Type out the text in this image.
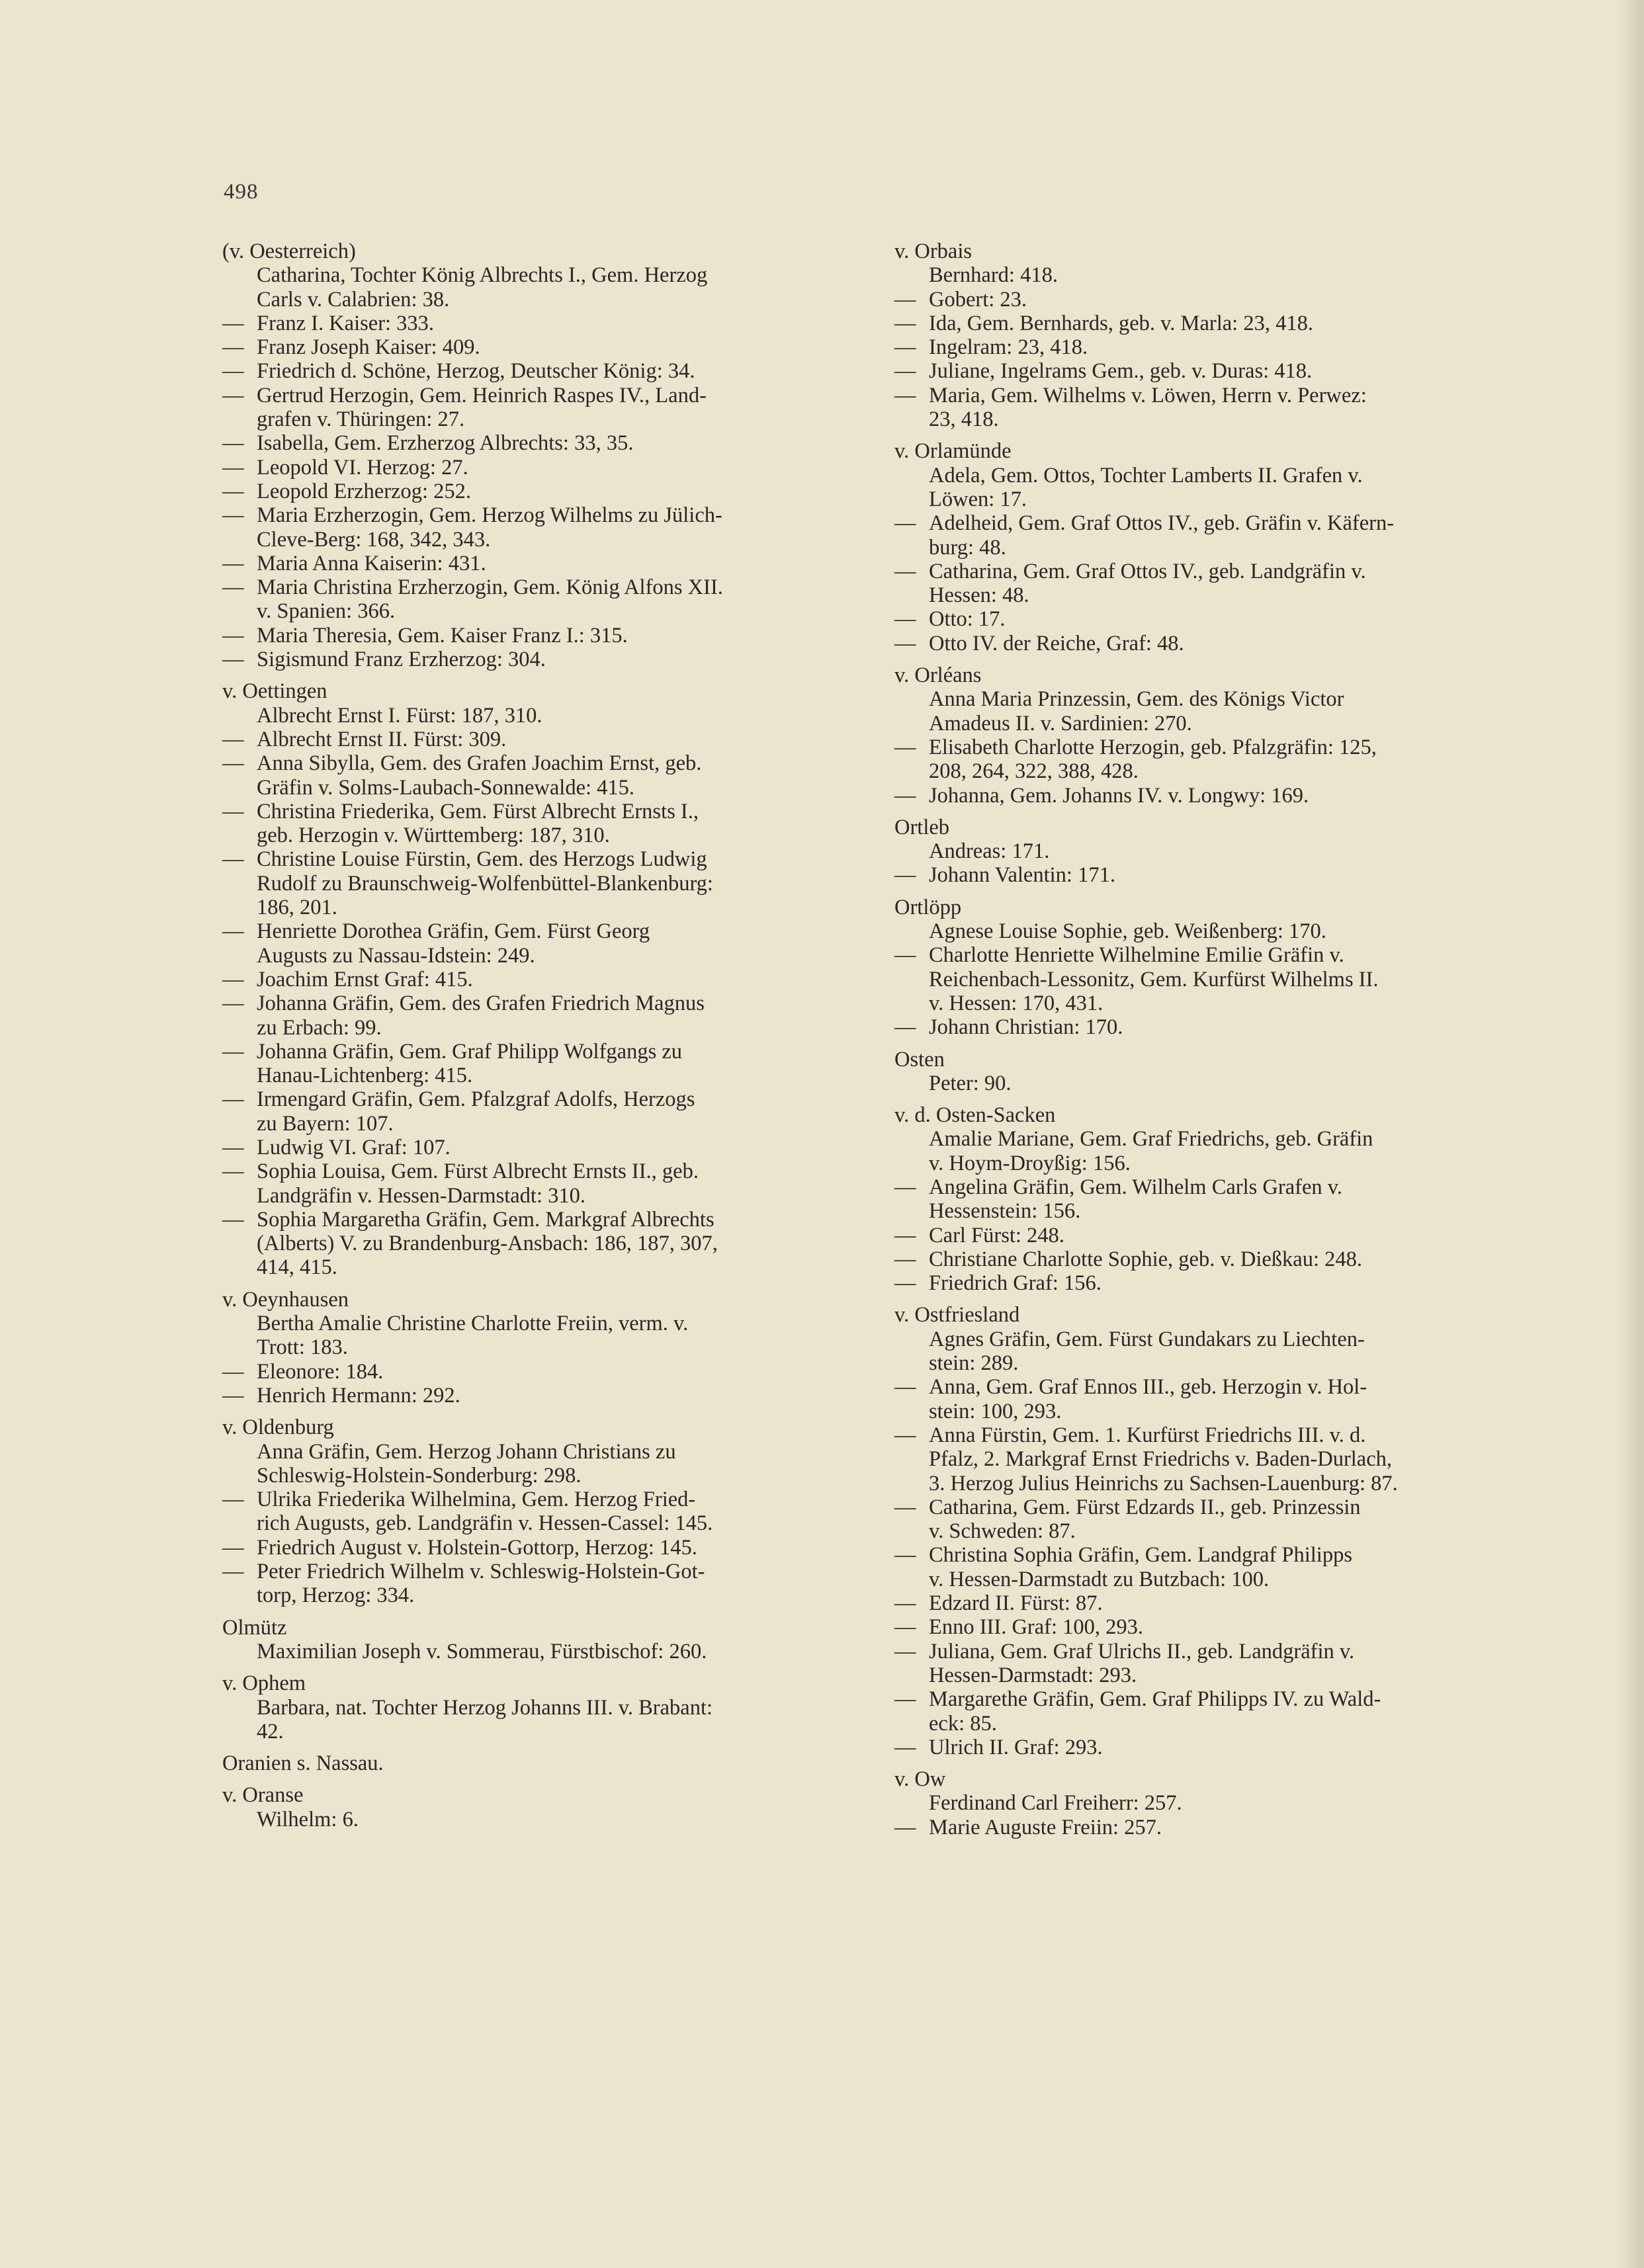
498
(v. Oesterreich)
Catharina, Tochter König Albrechts I., Gem. Herzog
Carls v. Calabrien: 38.
— Franz I. Kaiser: 333.
— Franz Joseph Kaiser: 409.
— Friedrich d. Schöne, Herzog, Deutscher König: 34.
— Gertrud Herzogin, Gem. Heinrich Raspes IV., Land-
grafen v. Thüringen: 27.
— Isabella, Gem. Erzherzog Albrechts: 33, 35.
— Leopold VI. Herzog: 27.
— Leopold Erzherzog: 252.
— Maria Erzherzogin, Gem. Herzog Wilhelms zu Jülich-
Cleve-Berg: 168, 342, 343.
— Maria Anna Kaiserin: 431.
— Maria Christina Erzherzogin, Gem. König Alfons XII.
v. Spanien: 366.
— Maria Theresia, Gem. Kaiser Franz I.: 315.
— Sigismund Franz Erzherzog: 304.
v. Oettingen
Albrecht Ernst I. Fürst: 187, 310.
— Albrecht Ernst II. Fürst: 309.
— Anna Sibylla, Gem. des Grafen Joachim Ernst, geb.
Gräfin v. Solms-Laubach-Sonnewalde: 415.
— Christina Friederika, Gem. Fürst Albrecht Ernsts I.,
geb. Herzogin v. Württemberg: 187, 310.
— Christine Louise Fürstin, Gem. des Herzogs Ludwig
Rudolf zu Braunschweig-Wolfenbüttel-Blankenburg:
186, 201.
— Henriette Dorothea Gräfin, Gem. Fürst Georg
Augusts zu Nassau-Idstein: 249.
— Joachim Ernst Graf: 415.
— Johanna Gräfin, Gem. des Grafen Friedrich Magnus
zu Erbach: 99.
— Johanna Gräfin, Gem. Graf Philipp Wolfgangs zu
Hanau-Lichtenberg: 415.
— Irmengard Gräfin, Gem. Pfalzgraf Adolfs, Herzogs
zu Bayern: 107.
— Ludwig VI. Graf: 107.
— Sophia Louisa, Gem. Fürst Albrecht Ernsts II., geb.
Landgräfin v. Hessen-Darmstadt: 310.
— Sophia Margaretha Gräfin, Gem. Markgraf Albrechts
(Alberts) V. zu Brandenburg-Ansbach: 186, 187, 307,
414, 415.
v. Oeynhausen
Bertha Amalie Christine Charlotte Freiin, verm. v.
Trott: 183.
— Eleonore: 184.
— Henrich Hermann: 292.
v. Oldenburg
Anna Gräfin, Gem. Herzog Johann Christians zu
Schleswig-Holstein-Sonderburg: 298.
— Ulrika Friederika Wilhelmina, Gem. Herzog Fried-
rich Augusts, geb. Landgräfin v. Hessen-Cassel: 145.
— Friedrich August v. Holstein-Gottorp, Herzog: 145.
— Peter Friedrich Wilhelm v. Schleswig-Holstein-Got-
torp, Herzog: 334.
Olmütz
Maximilian Joseph v. Sommerau, Fürstbischof: 260.
v. Ophem
Barbara, nat. Tochter Herzog Johanns III. v. Brabant:
42.
Oranien s. Nassau.
v. Oranse
Wilhelm: 6.
v. Orbais
Bernhard: 418.
— Gobert: 23.
— Ida, Gem. Bernhards, geb. v. Marla: 23, 418.
— Ingelram: 23, 418.
— Juliane, Ingelrams Gem., geb. v. Duras: 418.
— Maria, Gem. Wilhelms v. Löwen, Herrn v. Perwez:
23, 418.
v. Orlamünde
Adela, Gem. Ottos, Tochter Lamberts II. Grafen v.
Löwen: 17.
— Adelheid, Gem. Graf Ottos IV., geb. Gräfin v. Käfern-
burg: 48.
— Catharina, Gem. Graf Ottos IV., geb. Landgräfin v.
Hessen: 48.
— Otto: 17.
— Otto IV. der Reiche, Graf: 48.
v. Orléans
Anna Maria Prinzessin, Gem. des Königs Victor
Amadeus II. v. Sardinien: 270.
— Elisabeth Charlotte Herzogin, geb. Pfalzgräfin: 125,
208, 264, 322, 388, 428.
— Johanna, Gem. Johanns IV. v. Longwy: 169.
Ortleb
Andreas: 171.
— Johann Valentin: 171.
Ortlöpp
Agnese Louise Sophie, geb. Weißenberg: 170.
— Charlotte Henriette Wilhelmine Emilie Gräfin v.
Reichenbach-Lessonitz, Gem. Kurfürst Wilhelms II.
v. Hessen: 170, 431.
— Johann Christian: 170.
Osten
Peter: 90.
v. d. Osten-Sacken
Amalie Mariane, Gem. Graf Friedrichs, geb. Gräfin
v. Hoym-Droyßig: 156.
— Angelina Gräfin, Gem. Wilhelm Carls Grafen v.
Hessenstein: 156.
— Carl Fürst: 248.
— Christiane Charlotte Sophie, geb. v. Dießkau: 248.
— Friedrich Graf: 156.
v. Ostfriesland
Agnes Gräfin, Gem. Fürst Gundakars zu Liechten-
stein: 289.
— Anna, Gem. Graf Ennos III., geb. Herzogin v. Hol-
stein: 100, 293.
— Anna Fürstin, Gem. 1. Kurfürst Friedrichs III. v. d.
Pfalz, 2. Markgraf Ernst Friedrichs v. Baden-Durlach,
3. Herzog Julius Heinrichs zu Sachsen-Lauenburg: 87.
— Catharina, Gem. Fürst Edzards II., geb. Prinzessin
v. Schweden: 87.
— Christina Sophia Gräfin, Gem. Landgraf Philipps
v. Hessen-Darmstadt zu Butzbach: 100.
— Edzard II. Fürst: 87.
— Enno III. Graf: 100, 293.
— Juliana, Gem. Graf Ulrichs II., geb. Landgräfin v.
Hessen-Darmstadt: 293.
— Margarethe Gräfin, Gem. Graf Philipps IV. zu Wald-
eck: 85.
— Ulrich II. Graf: 293.
v. Ow
Ferdinand Carl Freiherr: 257.
— Marie Auguste Freiin: 257.
